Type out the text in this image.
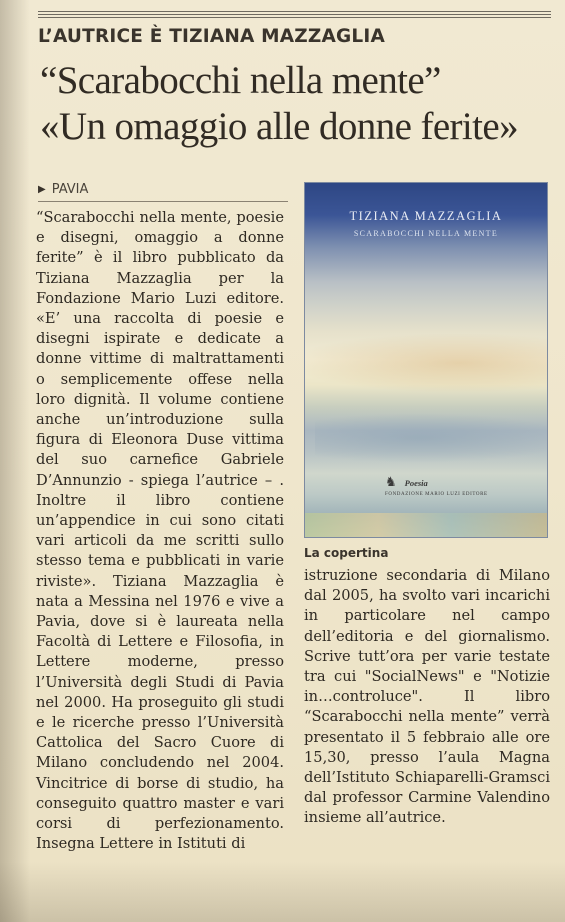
L’AUTRICE È TIZIANA MAZZAGLIA
“Scarabocchi nella mente”
«Un omaggio alle donne ferite»
▶ PAVIA

“Scarabocchi nella mente, poesie e disegni, omaggio a donne ferite” è il libro pubblicato da Tiziana Mazzaglia per la Fondazione Mario Luzi editore. «E’ una raccolta di poesie e disegni ispirate e dedicate a donne vittime di maltrattamenti o semplicemente offese nella loro dignità. Il volume contiene anche un’introduzione sulla figura di Eleonora Duse vittima del suo carnefice Gabriele D’Annunzio - spiega l’autrice – . Inoltre il libro contiene un’appendice in cui sono citati vari articoli da me scritti sullo stesso tema e pubblicati in varie riviste». Tiziana Mazzaglia è nata a Messina nel 1976 e vive a Pavia, dove si è laureata nella Facoltà di Lettere e Filosofia, in Lettere moderne, presso l’Università degli Studi di Pavia nel 2000. Ha proseguito gli studi e le ricerche presso l’Università Cattolica del Sacro Cuore di Milano concludendo nel 2004. Vincitrice di borse di studio, ha conseguito quattro master e vari corsi di perfezionamento. Insegna Lettere in Istituti di

TIZIANA MAZZAGLIA
SCARABOCCHI NELLA MENTE
♞ Poesia
FONDAZIONE MARIO LUZI EDITORE
La copertina

istruzione secondaria di Milano dal 2005, ha svolto vari incarichi in particolare nel campo dell’editoria e del giornalismo. Scrive tutt’ora per varie testate tra cui "SocialNews" e "Notizie in…controluce". Il libro “Scarabocchi nella mente” verrà presentato il 5 febbraio alle ore 15,30, presso l’aula Magna dell’Istituto Schiaparelli-Gramsci dal professor Carmine Valendino insieme all’autrice.
